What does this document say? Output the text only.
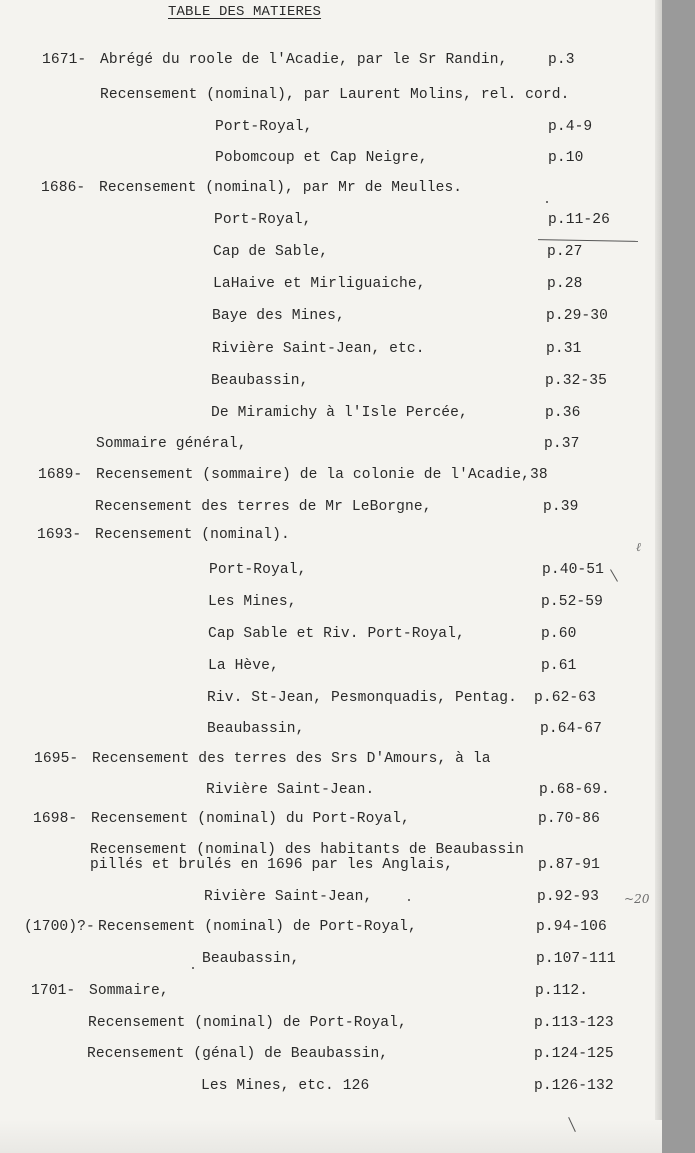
TABLE DES MATIERES
1671- Abrégé du roole de l'Acadie, par le Sr Randin,	p.3
Recensement (nominal), par Laurent Molins, rel. cord.
Port-Royal,	p.4-9
Pobomcoup et Cap Neigre,	p.10
1686- Recensement (nominal), par Mr de Meulles.
Port-Royal,	p.11-26
Cap de Sable,	p.27
LaHaive et Mirliguaiche,	p.28
Baye des Mines,	p.29-30
Rivière Saint-Jean, etc.	p.31
Beaubassin,	p.32-35
De Miramichy à l'Isle Percée,	p.36
Sommaire général,	p.37
1689- Recensement (sommaire) de la colonie de l'Acadie,38
Recensement des terres de Mr LeBorgne,	p.39
1693- Recensement (nominal).
ℓ
Port-Royal,	p.40-51
Les Mines,	p.52-59
Cap Sable et Riv. Port-Royal,	p.60
La Hève,	p.61
Riv. St-Jean, Pesmonquadis, Pentag. p.62-63
Beaubassin,	p.64-67
1695- Recensement des terres des Srs D'Amours, à la
Rivière Saint-Jean.	p.68-69.
1698- Recensement (nominal) du Port-Royal,	p.70-86
Recensement (nominal) des habitants de Beaubassin
pillés et brulés en 1696 par les Anglais,	p.87-91
Rivière Saint-Jean,	p.92-93 ~20
(1700)?- Recensement (nominal) de Port-Royal,	p.94-106
Beaubassin,	p.107-111
1701- Sommaire,	p.112.
Recensement (nominal) de Port-Royal,	p.113-123
Recensement (génal) de Beaubassin,	p.124-125
Les Mines, etc. 126	p.126-132
